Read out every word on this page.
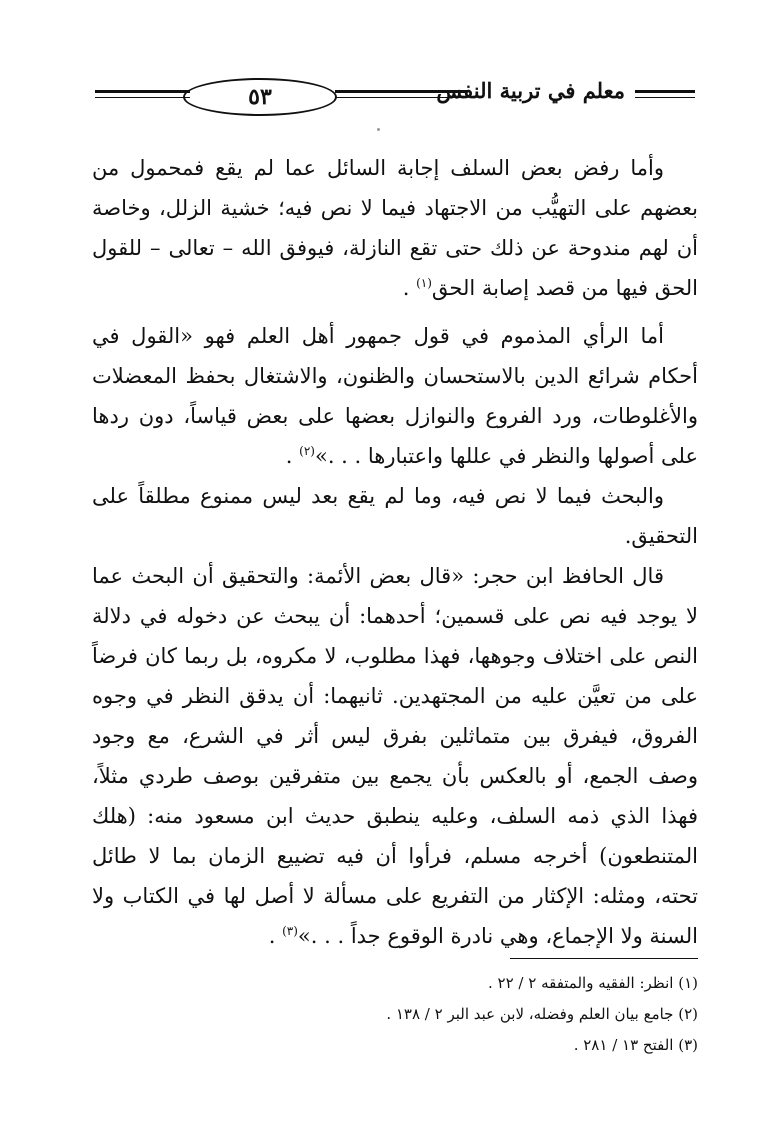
٥٣	معلم في تربية النفس

وأما رفض بعض السلف إجابة السائل عما لم يقع فمحمول من بعضهم على التهيُّب من الاجتهاد فيما لا نص فيه؛ خشية الزلل، وخاصة أن لهم مندوحة عن ذلك حتى تقع النازلة، فيوفق الله – تعالى – للقول الحق فيها من قصد إصابة الحق$^{(١)}$ .

أما الرأي المذموم في قول جمهور أهل العلم فهو «القول في أحكام شرائع الدين بالاستحسان والظنون، والاشتغال بحفظ المعضلات والأغلوطات، ورد الفروع والنوازل بعضها على بعض قياساً، دون ردها على أصولها والنظر في عللها واعتبارها . . .»$^{(٢)}$ .

والبحث فيما لا نص فيه، وما لم يقع بعد ليس ممنوع مطلقاً على التحقيق.

قال الحافظ ابن حجر: «قال بعض الأئمة: والتحقيق أن البحث عما لا يوجد فيه نص على قسمين؛ أحدهما: أن يبحث عن دخوله في دلالة النص على اختلاف وجوهها، فهذا مطلوب، لا مكروه، بل ربما كان فرضاً على من تعيَّن عليه من المجتهدين. ثانيهما: أن يدقق النظر في وجوه الفروق، فيفرق بين متماثلين بفرق ليس أثر في الشرع، مع وجود وصف الجمع، أو بالعكس بأن يجمع بين متفرقين بوصف طردي مثلاً، فهذا الذي ذمه السلف، وعليه ينطبق حديث ابن مسعود منه: (هلك المتنطعون) أخرجه مسلم، فرأوا أن فيه تضييع الزمان بما لا طائل تحته، ومثله: الإكثار من التفريع على مسألة لا أصل لها في الكتاب ولا السنة ولا الإجماع، وهي نادرة الوقوع جداً . . .»$^{(٣)}$ .

(١) انظر: الفقيه والمتفقه ٢ / ٢٢ .
(٢) جامع بيان العلم وفضله، لابن عبد البر ٢ / ١٣٨ .
(٣) الفتح ١٣ / ٢٨١ .
